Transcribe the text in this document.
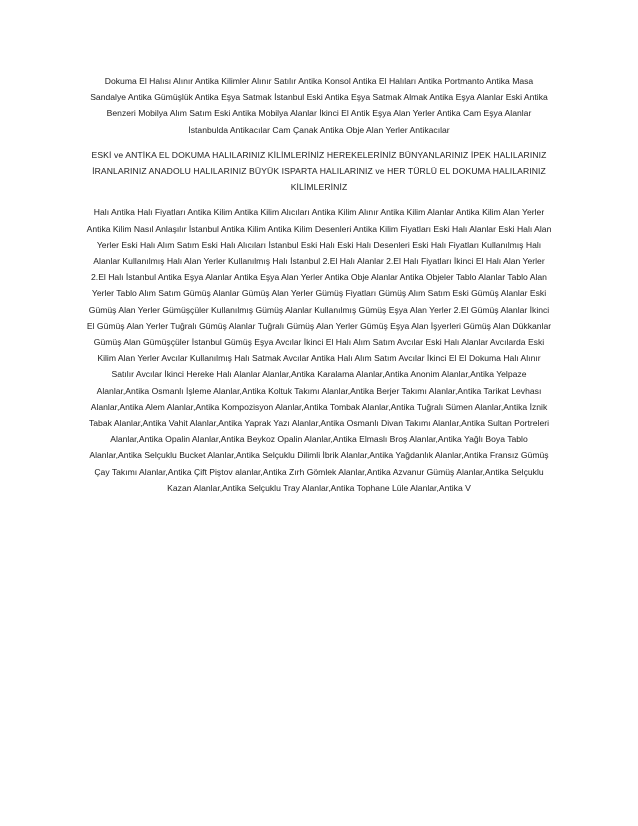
Dokuma El Halısı Alınır Antika Kilimler Alınır Satılır Antika Konsol Antika El Halıları Antika Portmanto Antika Masa Sandalye Antika Gümüşlük Antika Eşya Satmak İstanbul Eski Antika Eşya Satmak Almak Antika Eşya Alanlar Eski Antika Benzeri Mobilya Alım Satım Eski Antika Mobilya Alanlar İkinci El Antik Eşya Alan Yerler Antika Cam Eşya Alanlar İstanbulda Antikacılar Cam Çanak Antika Obje Alan Yerler Antikacılar

ESKİ ve ANTİKA EL DOKUMA HALILARINIZ KİLİMLERİNİZ HEREKELERİNİZ BÜNYANLARINIZ İPEK HALILARINIZ İRANLARINIZ ANADOLU HALILARINIZ BÜYÜK ISPARTA HALILARINIZ ve HER TÜRLÜ EL DOKUMA HALILARINIZ KİLİMLERİNİZ

Halı Antika Halı Fiyatları Antika Kilim Antika Kilim Alıcıları Antika Kilim Alınır Antika Kilim Alanlar Antika Kilim Alan Yerler Antika Kilim Nasıl Anlaşılır İstanbul Antika Kilim Antika Kilim Desenleri Antika Kilim Fiyatları Eski Halı Alanlar Eski Halı Alan Yerler Eski Halı Alım Satım Eski Halı Alıcıları İstanbul Eski Halı Eski Halı Desenleri Eski Halı Fiyatları Kullanılmış Halı Alanlar Kullanılmış Halı Alan Yerler Kullanılmış Halı İstanbul 2.El Halı Alanlar 2.El Halı Fiyatları İkinci El Halı Alan Yerler 2.El Halı İstanbul Antika Eşya Alanlar Antika Eşya Alan Yerler Antika Obje Alanlar Antika Objeler Tablo Alanlar Tablo Alan Yerler Tablo Alım Satım Gümüş Alanlar Gümüş Alan Yerler Gümüş Fiyatları Gümüş Alım Satım Eski Gümüş Alanlar Eski Gümüş Alan Yerler Gümüşçüler Kullanılmış Gümüş Alanlar Kullanılmış Gümüş Eşya Alan Yerler 2.El Gümüş Alanlar İkinci El Gümüş Alan Yerler Tuğralı Gümüş Alanlar Tuğralı Gümüş Alan Yerler Gümüş Eşya Alan İşyerleri Gümüş Alan Dükkanlar Gümüş Alan Gümüşçüler İstanbul Gümüş Eşya Avcılar İkinci El Halı Alım Satım Avcılar Eski Halı Alanlar Avcılarda Eski Kilim Alan Yerler Avcılar Kullanılmış Halı Satmak Avcılar Antika Halı Alım Satım Avcılar İkinci El El Dokuma Halı Alınır Satılır Avcılar İkinci Hereke Halı Alanlar Alanlar,Antika Karalama Alanlar,Antika Anonim Alanlar,Antika Yelpaze Alanlar,Antika Osmanlı İşleme Alanlar,Antika Koltuk Takımı Alanlar,Antika Berjer Takımı Alanlar,Antika Tarikat Levhası Alanlar,Antika Alem Alanlar,Antika Kompozisyon Alanlar,Antika Tombak Alanlar,Antika Tuğralı Sümen Alanlar,Antika İznik Tabak Alanlar,Antika Vahit Alanlar,Antika Yaprak Yazı Alanlar,Antika Osmanlı Divan Takımı Alanlar,Antika Sultan Portreleri Alanlar,Antika Opalin Alanlar,Antika Beykoz Opalin Alanlar,Antika Elmaslı Broş Alanlar,Antika Yağlı Boya Tablo Alanlar,Antika Selçuklu Bucket Alanlar,Antika Selçuklu Dilimli İbrik Alanlar,Antika Yağdanlık Alanlar,Antika Fransız Gümüş Çay Takımı Alanlar,Antika Çift Piştov alanlar,Antika Zırh Gömlek Alanlar,Antika Azvanur Gümüş Alanlar,Antika Selçuklu Kazan Alanlar,Antika Selçuklu Tray Alanlar,Antika Tophane Lüle Alanlar,Antika V
